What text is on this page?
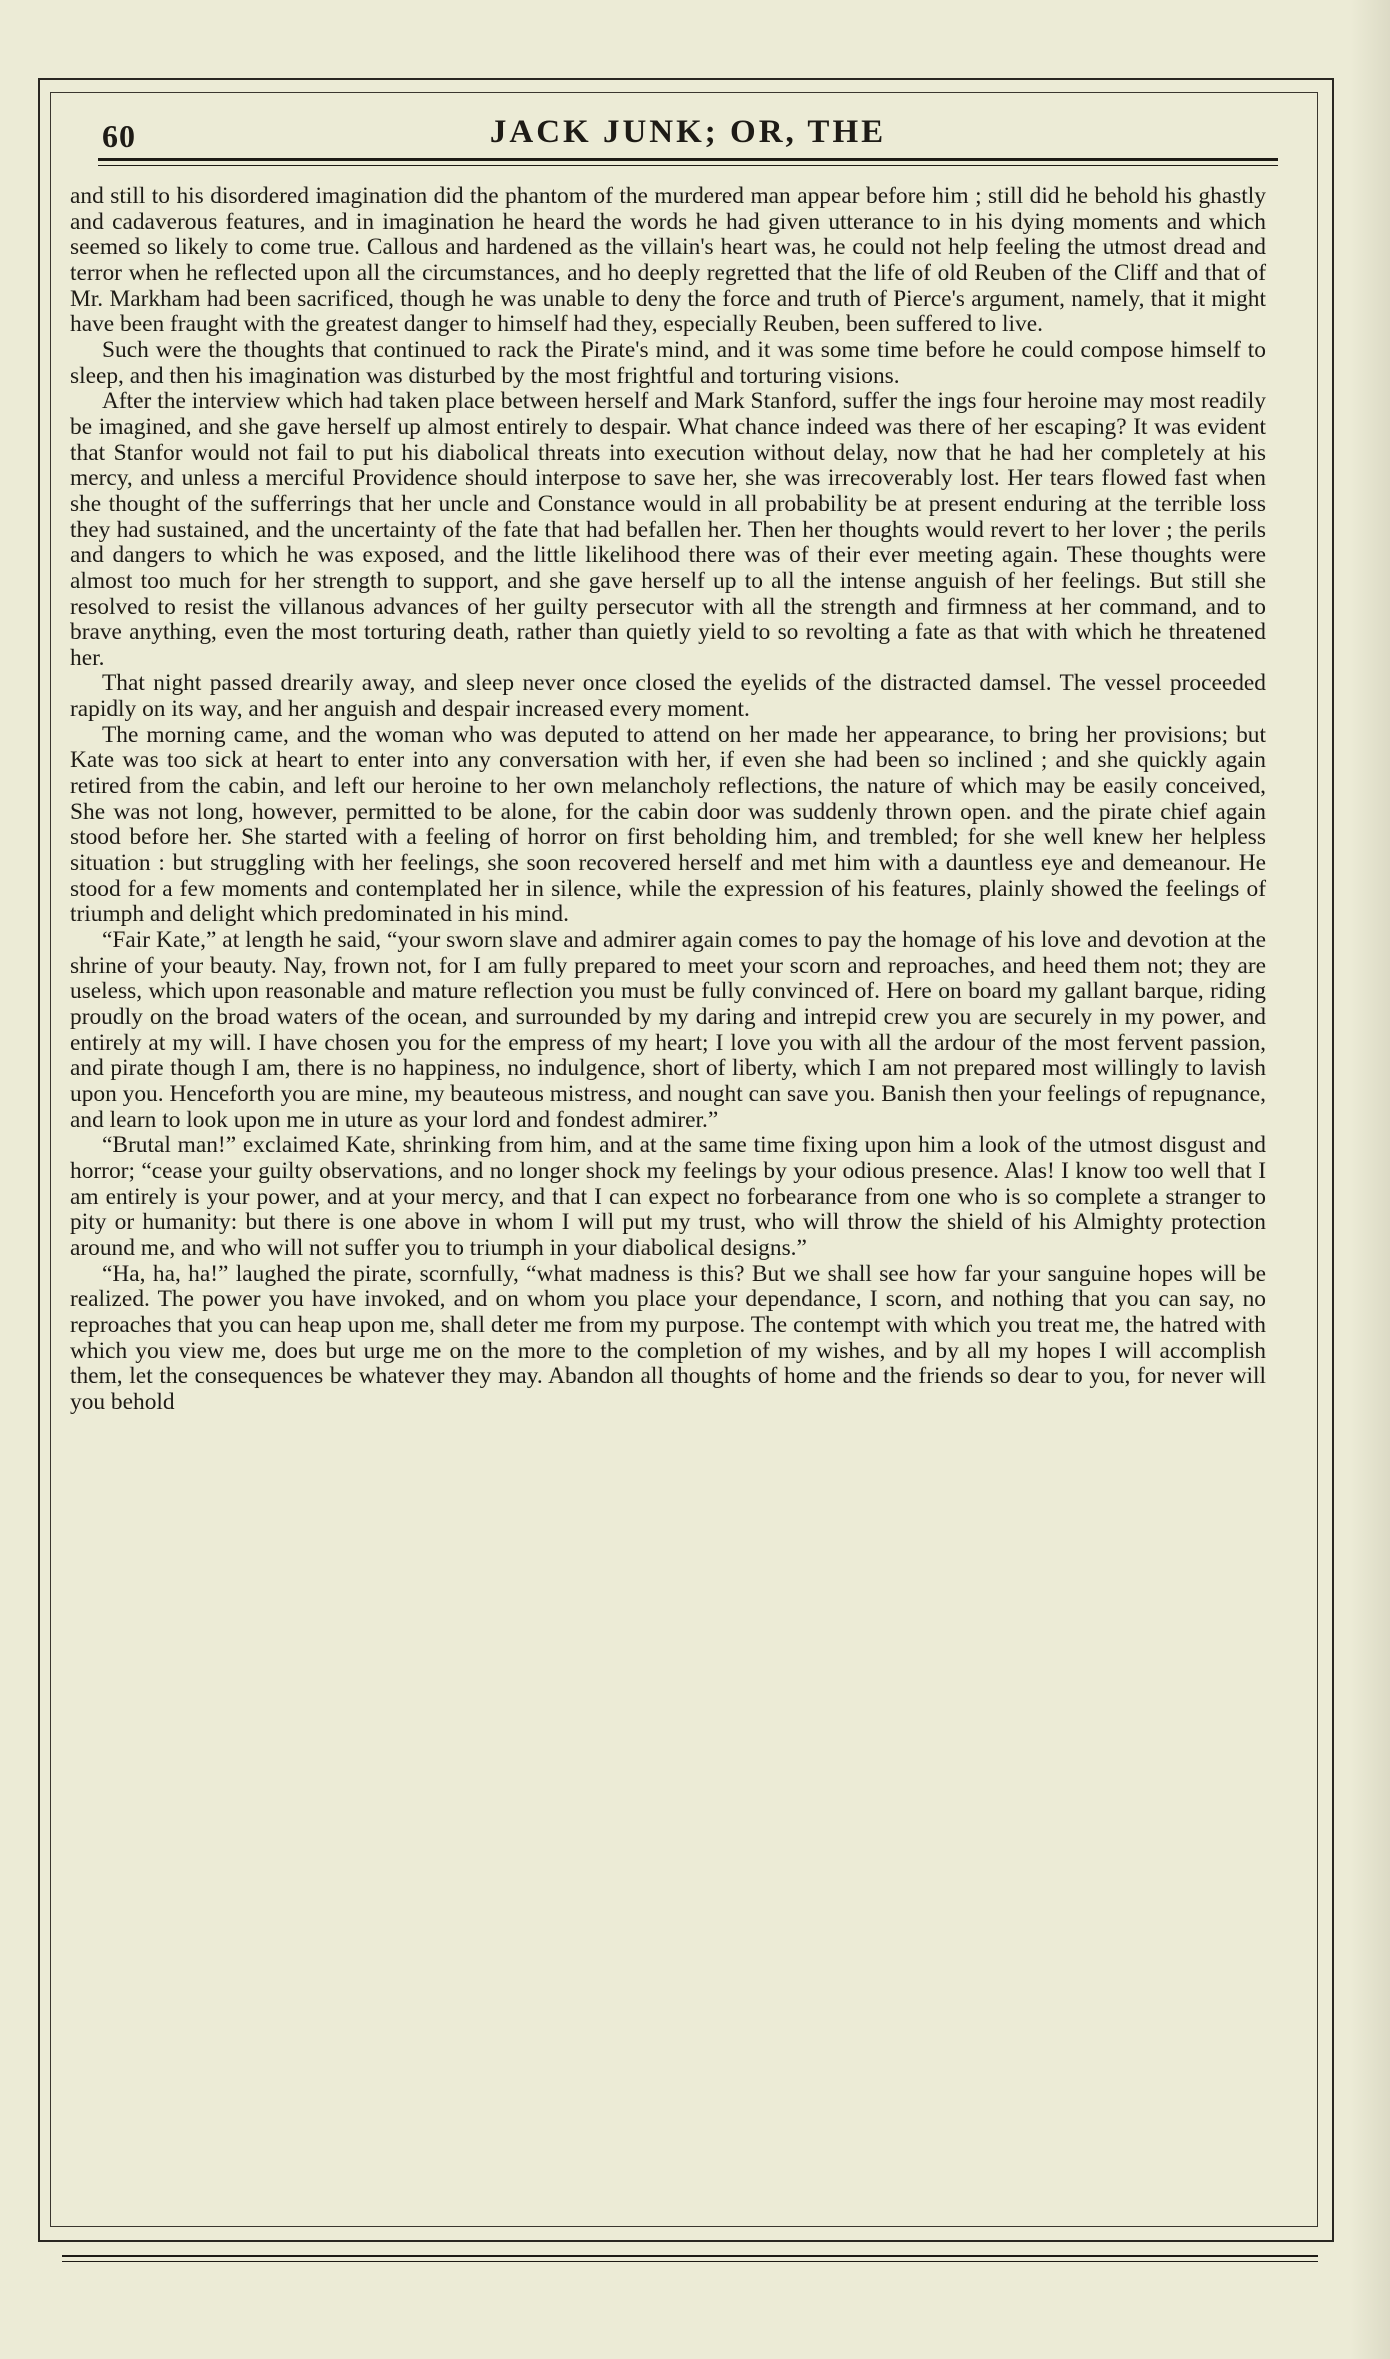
60	JACK JUNK; OR, THE

and still to his disordered imagination did the phantom of the murdered man appear before him ; still did he behold his ghastly and cadaverous features, and in imagination he heard the words he had given utterance to in his dying moments and which seemed so likely to come true. Callous and hardened as the villain's heart was, he could not help feeling the utmost dread and terror when he reflected upon all the circumstances, and ho deeply regretted that the life of old Reuben of the Cliff and that of Mr. Markham had been sacrificed, though he was unable to deny the force and truth of Pierce's argument, namely, that it might have been fraught with the greatest danger to himself had they, especially Reuben, been suffered to live.

Such were the thoughts that continued to rack the Pirate's mind, and it was some time before he could compose himself to sleep, and then his imagination was disturbed by the most frightful and torturing visions.

After the interview which had taken place between herself and Mark Stanford, suffer the ings four heroine may most readily be imagined, and she gave herself up almost entirely to despair. What chance indeed was there of her escaping? It was evident that Stanfor would not fail to put his diabolical threats into execution without delay, now that he had her completely at his mercy, and unless a merciful Providence should interpose to save her, she was irrecoverably lost. Her tears flowed fast when she thought of the sufferrings that her uncle and Constance would in all probability be at present enduring at the terrible loss they had sustained, and the uncertainty of the fate that had befallen her. Then her thoughts would revert to her lover ; the perils and dangers to which he was exposed, and the little likelihood there was of their ever meeting again. These thoughts were almost too much for her strength to support, and she gave herself up to all the intense anguish of her feelings. But still she resolved to resist the villanous advances of her guilty persecutor with all the strength and firmness at her command, and to brave anything, even the most torturing death, rather than quietly yield to so revolting a fate as that with which he threatened her.

That night passed drearily away, and sleep never once closed the eyelids of the distracted damsel. The vessel proceeded rapidly on its way, and her anguish and despair increased every moment.

The morning came, and the woman who was deputed to attend on her made her appearance, to bring her provisions; but Kate was too sick at heart to enter into any conversation with her, if even she had been so inclined ; and she quickly again retired from the cabin, and left our heroine to her own melancholy reflections, the nature of which may be easily conceived, She was not long, however, permitted to be alone, for the cabin door was suddenly thrown open. and the pirate chief again stood before her. She started with a feeling of horror on first beholding him, and trembled; for she well knew her helpless situation : but struggling with her feelings, she soon recovered herself and met him with a dauntless eye and demeanour. He stood for a few moments and contemplated her in silence, while the expression of his features, plainly showed the feelings of triumph and delight which predominated in his mind.

“Fair Kate,” at length he said, “your sworn slave and admirer again comes to pay the homage of his love and devotion at the shrine of your beauty. Nay, frown not, for I am fully prepared to meet your scorn and reproaches, and heed them not; they are useless, which upon reasonable and mature reflection you must be fully convinced of. Here on board my gallant barque, riding proudly on the broad waters of the ocean, and surrounded by my daring and intrepid crew you are securely in my power, and entirely at my will. I have chosen you for the empress of my heart; I love you with all the ardour of the most fervent passion, and pirate though I am, there is no happiness, no indulgence, short of liberty, which I am not prepared most willingly to lavish upon you. Henceforth you are mine, my beauteous mistress, and nought can save you. Banish then your feelings of repugnance, and learn to look upon me in uture as your lord and fondest admirer.”

“Brutal man!” exclaimed Kate, shrinking from him, and at the same time fixing upon him a look of the utmost disgust and horror; “cease your guilty observations, and no longer shock my feelings by your odious presence. Alas! I know too well that I am entirely is your power, and at your mercy, and that I can expect no forbearance from one who is so complete a stranger to pity or humanity: but there is one above in whom I will put my trust, who will throw the shield of his Almighty protection around me, and who will not suffer you to triumph in your diabolical designs.”

“Ha, ha, ha!” laughed the pirate, scornfully, “what madness is this? But we shall see how far your sanguine hopes will be realized. The power you have invoked, and on whom you place your dependance, I scorn, and nothing that you can say, no reproaches that you can heap upon me, shall deter me from my purpose. The contempt with which you treat me, the hatred with which you view me, does but urge me on the more to the completion of my wishes, and by all my hopes I will accomplish them, let the consequences be whatever they may. Abandon all thoughts of home and the friends so dear to you, for never will you behold
